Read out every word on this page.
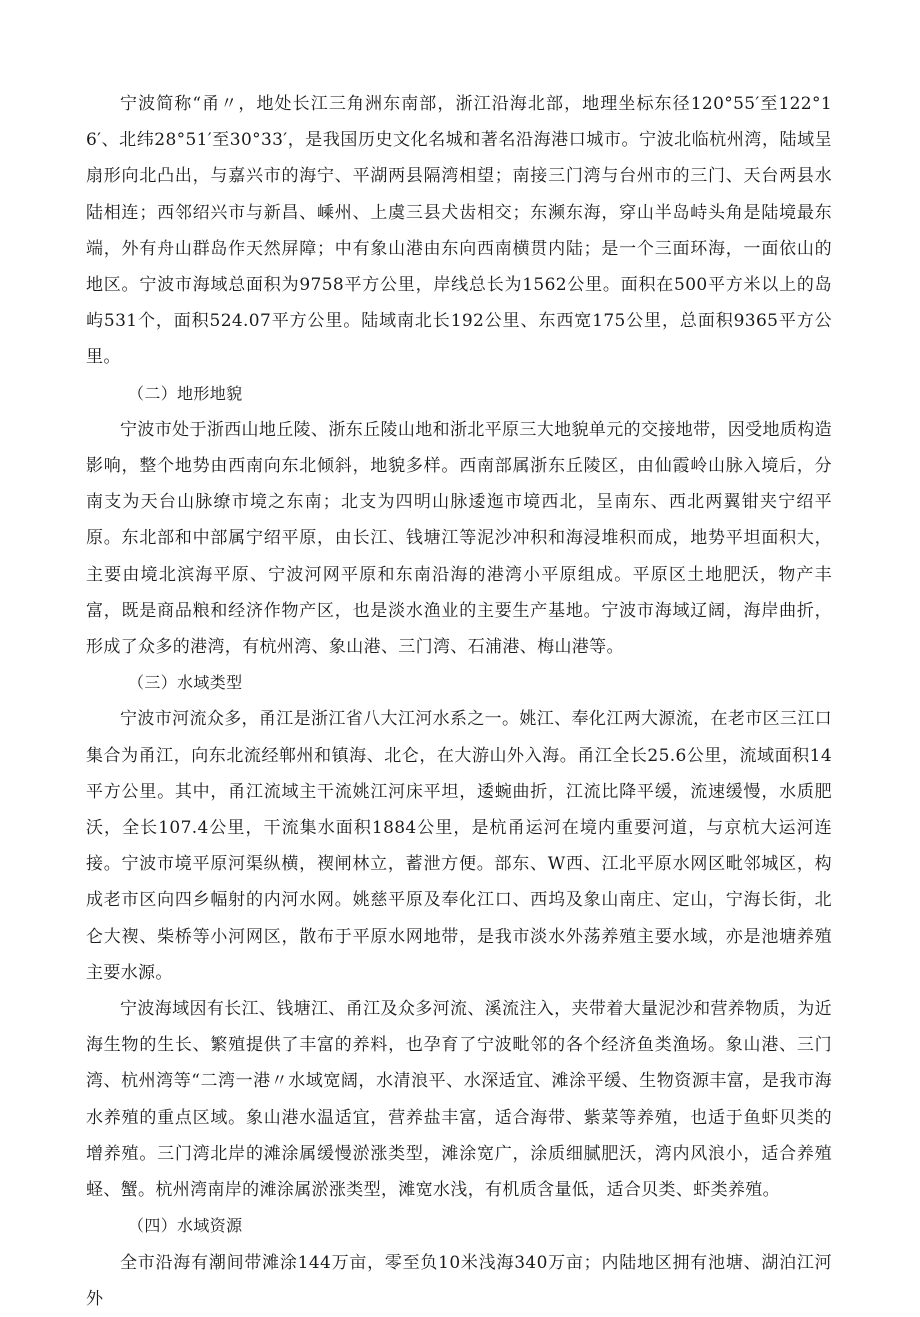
宁波简称“甬〃，地处长江三角洲东南部，浙江沿海北部，地理坐标东径120°55′至122°16′、北纬28°51′至30°33′，是我国历史文化名城和著名沿海港口城市。宁波北临杭州湾，陆域呈扇形向北凸出，与嘉兴市的海宁、平湖两县隔湾相望；南接三门湾与台州市的三门、天台两县水陆相连；西邻绍兴市与新昌、嵊州、上虞三县犬齿相交；东濒东海，穿山半岛峙头角是陆境最东端，外有舟山群岛作天然屏障；中有象山港由东向西南横贯内陆；是一个三面环海，一面依山的地区。宁波市海域总面积为9758平方公里，岸线总长为1562公里。面积在500平方米以上的岛屿531个，面积524.07平方公里。陆域南北长192公里、东西宽175公里，总面积9365平方公里。

（二）地形地貌

宁波市处于浙西山地丘陵、浙东丘陵山地和浙北平原三大地貌单元的交接地带，因受地质构造影响，整个地势由西南向东北倾斜，地貌多样。西南部属浙东丘陵区，由仙霞岭山脉入境后，分南支为天台山脉缭市境之东南；北支为四明山脉逶迤市境西北，呈南东、西北两翼钳夹宁绍平原。东北部和中部属宁绍平原，由长江、钱塘江等泥沙冲积和海浸堆积而成，地势平坦面积大，主要由境北滨海平原、宁波河网平原和东南沿海的港湾小平原组成。平原区土地肥沃，物产丰富，既是商品粮和经济作物产区，也是淡水渔业的主要生产基地。宁波市海域辽阔，海岸曲折，形成了众多的港湾，有杭州湾、象山港、三门湾、石浦港、梅山港等。

（三）水域类型

宁波市河流众多，甬江是浙江省八大江河水系之一。姚江、奉化江两大源流，在老市区三江口集合为甬江，向东北流经郸州和镇海、北仑，在大游山外入海。甬江全长25.6公里，流域面积14平方公里。其中，甬江流域主干流姚江河床平坦，逶蜿曲折，江流比降平缓，流速缓慢，水质肥沃，全长107.4公里，干流集水面积1884公里，是杭甬运河在境内重要河道，与京杭大运河连接。宁波市境平原河渠纵横，褉闸林立，蓄泄方便。部东、W西、江北平原水网区毗邻城区，构成老市区向四乡幅射的内河水网。姚慈平原及奉化江口、西坞及象山南庄、定山，宁海长街，北仑大褉、柴桥等小河网区，散布于平原水网地带，是我市淡水外荡养殖主要水域，亦是池塘养殖主要水源。

宁波海域因有长江、钱塘江、甬江及众多河流、溪流注入，夹带着大量泥沙和营养物质，为近海生物的生长、繁殖提供了丰富的养料，也孕育了宁波毗邻的各个经济鱼类渔场。象山港、三门湾、杭州湾等“二湾一港〃水域宽阔，水清浪平、水深适宜、滩涂平缓、生物资源丰富，是我市海水养殖的重点区域。象山港水温适宜，营养盐丰富，适合海带、紫菜等养殖，也适于鱼虾贝类的增养殖。三门湾北岸的滩涂属缓慢淤涨类型，滩涂宽广，涂质细腻肥沃，湾内风浪小，适合养殖蛏、蟹。杭州湾南岸的滩涂属淤涨类型，滩宽水浅，有机质含量低，适合贝类、虾类养殖。

（四）水域资源

全市沿海有潮间带滩涂144万亩，零至负10米浅海340万亩；内陆地区拥有池塘、湖泊江河外
